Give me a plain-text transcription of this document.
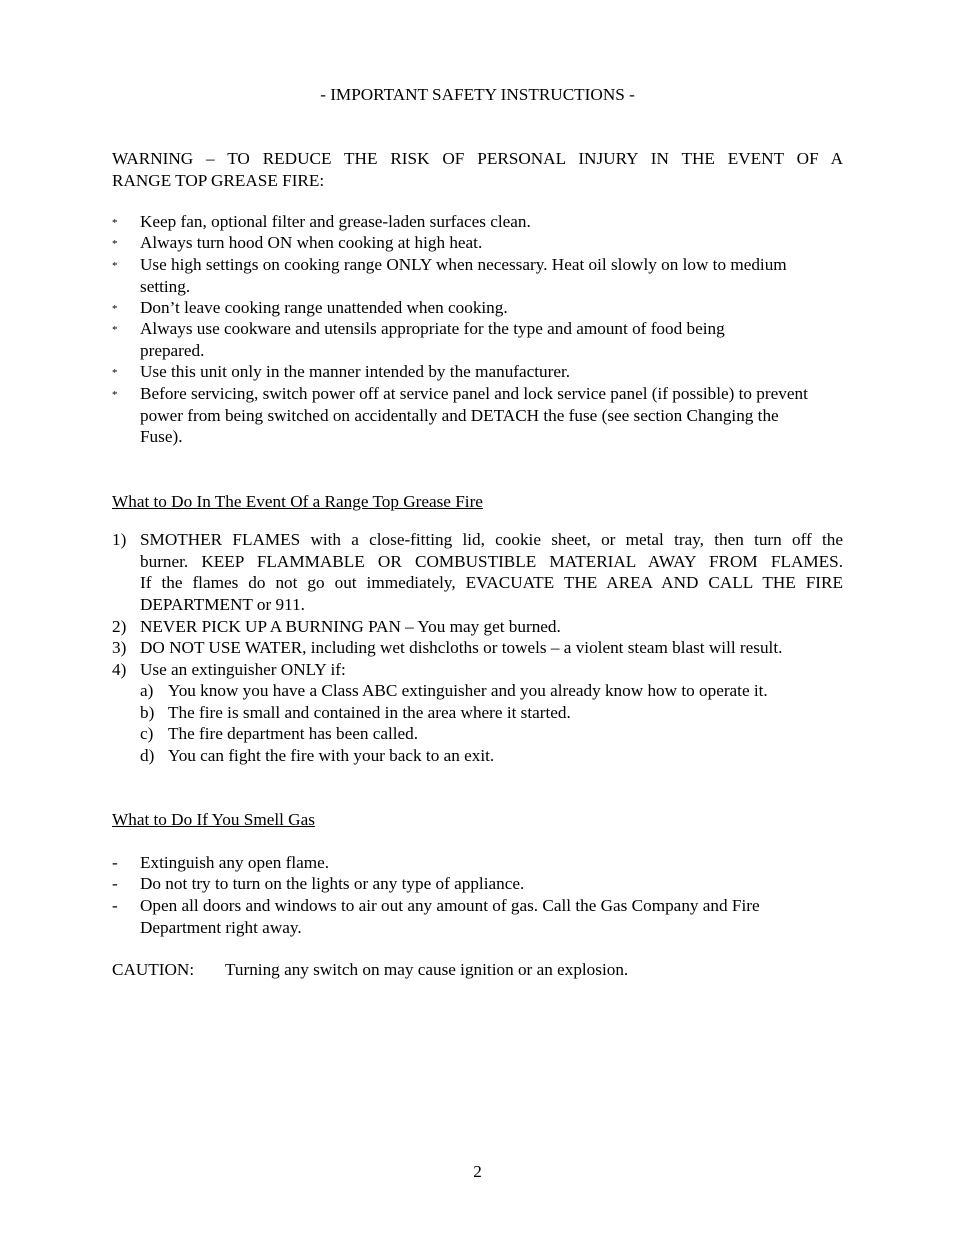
- IMPORTANT SAFETY INSTRUCTIONS -
WARNING – TO REDUCE THE RISK OF PERSONAL INJURY IN THE EVENT OF A
RANGE TOP GREASE FIRE:
* Keep fan, optional filter and grease-laden surfaces clean.
* Always turn hood ON when cooking at high heat.
* Use high settings on cooking range ONLY when necessary. Heat oil slowly on low to medium setting.
* Don’t leave cooking range unattended when cooking.
* Always use cookware and utensils appropriate for the type and amount of food being prepared.
* Use this unit only in the manner intended by the manufacturer.
* Before servicing, switch power off at service panel and lock service panel (if possible) to prevent power from being switched on accidentally and DETACH the fuse (see section Changing the Fuse).
What to Do In The Event Of a Range Top Grease Fire
1) SMOTHER FLAMES with a close-fitting lid, cookie sheet, or metal tray, then turn off the
burner. KEEP FLAMMABLE OR COMBUSTIBLE MATERIAL AWAY FROM FLAMES.
If the flames do not go out immediately, EVACUATE THE AREA AND CALL THE FIRE
DEPARTMENT or 911.
2) NEVER PICK UP A BURNING PAN – You may get burned.
3) DO NOT USE WATER, including wet dishcloths or towels – a violent steam blast will result.
4) Use an extinguisher ONLY if:
a) You know you have a Class ABC extinguisher and you already know how to operate it.
b) The fire is small and contained in the area where it started.
c) The fire department has been called.
d) You can fight the fire with your back to an exit.
What to Do If You Smell Gas
- Extinguish any open flame.
- Do not try to turn on the lights or any type of appliance.
- Open all doors and windows to air out any amount of gas. Call the Gas Company and Fire Department right away.
CAUTION: Turning any switch on may cause ignition or an explosion.
2
